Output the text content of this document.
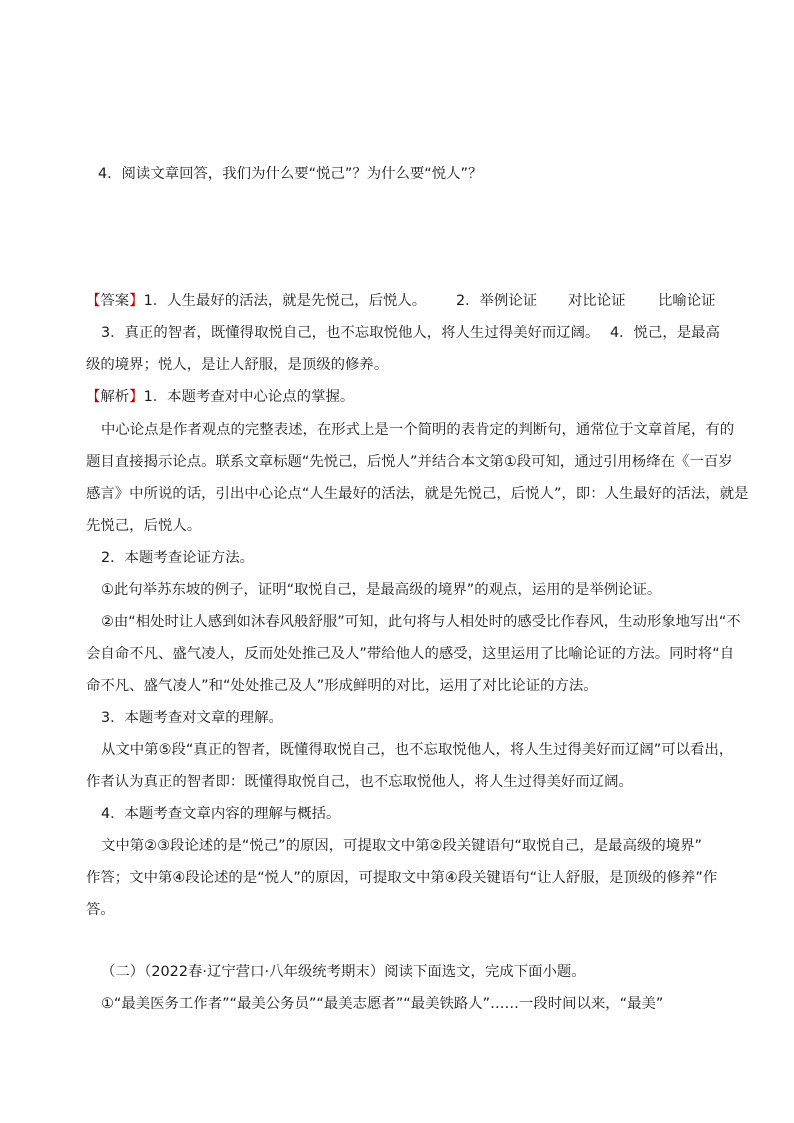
4．阅读文章回答，我们为什么要“悦己”？为什么要“悦人”？
【答案】1．人生最好的活法，就是先悦己，后悦人。 2．举例论证 对比论证 比喻论证
3．真正的智者，既懂得取悦自己，也不忘取悦他人，将人生过得美好而辽阔。 4．悦己，是最高
级的境界；悦人，是让人舒服，是顶级的修养。
【解析】1．本题考查对中心论点的掌握。
中心论点是作者观点的完整表述，在形式上是一个简明的表肯定的判断句，通常位于文章首尾，有的
题目直接揭示论点。联系文章标题“先悦己，后悦人”并结合本文第①段可知，通过引用杨绛在《一百岁
感言》中所说的话，引出中心论点“人生最好的活法，就是先悦己，后悦人”，即：人生最好的活法，就是
先悦己，后悦人。
2．本题考查论证方法。
①此句举苏东坡的例子，证明“取悦自己，是最高级的境界”的观点，运用的是举例论证。
②由“相处时让人感到如沐春风般舒服”可知，此句将与人相处时的感受比作春风，生动形象地写出“不
会自命不凡、盛气凌人，反而处处推己及人”带给他人的感受，这里运用了比喻论证的方法。同时将“自
命不凡、盛气凌人”和“处处推己及人”形成鲜明的对比，运用了对比论证的方法。
3．本题考查对文章的理解。
从文中第⑤段“真正的智者，既懂得取悦自己，也不忘取悦他人，将人生过得美好而辽阔”可以看出，
作者认为真正的智者即：既懂得取悦自己，也不忘取悦他人，将人生过得美好而辽阔。
4．本题考查文章内容的理解与概括。
文中第②③段论述的是“悦己”的原因，可提取文中第②段关键语句“取悦自己，是最高级的境界”
作答；文中第④段论述的是“悦人”的原因，可提取文中第④段关键语句“让人舒服，是顶级的修养”作
答。
（二）（2022春·辽宁营口·八年级统考期末）阅读下面选文，完成下面小题。
①“最美医务工作者”“最美公务员”“最美志愿者”“最美铁路人”……一段时间以来，“最美”
